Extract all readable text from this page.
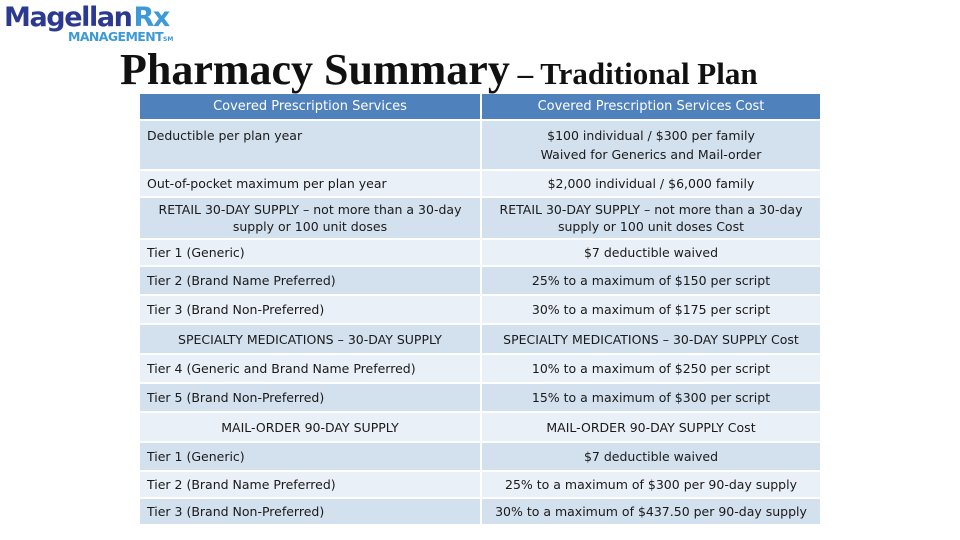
MagellanRx
MANAGEMENTSM
Pharmacy Summary – Traditional Plan
Covered Prescription Services	Covered Prescription Services Cost
Deductible per plan year	$100 individual / $300 per family
Waived for Generics and Mail-order

Out-of-pocket maximum per plan year	$2,000 individual / $6,000 family
RETAIL 30-DAY SUPPLY – not more than a 30-day supply or 100 unit doses	RETAIL 30-DAY SUPPLY – not more than a 30-day supply or 100 unit doses Cost
Tier 1 (Generic)	$7 deductible waived
Tier 2 (Brand Name Preferred)	25% to a maximum of $150 per script
Tier 3 (Brand Non-Preferred)	30% to a maximum of $175 per script
SPECIALTY MEDICATIONS – 30-DAY SUPPLY	SPECIALTY MEDICATIONS – 30-DAY SUPPLY Cost
Tier 4 (Generic and Brand Name Preferred)	10% to a maximum of $250 per script
Tier 5 (Brand Non-Preferred)	15% to a maximum of $300 per script
MAIL-ORDER 90-DAY SUPPLY	MAIL-ORDER 90-DAY SUPPLY Cost
Tier 1 (Generic)	$7 deductible waived
Tier 2 (Brand Name Preferred)	25% to a maximum of $300 per 90-day supply
Tier 3 (Brand Non-Preferred)	30% to a maximum of $437.50 per 90-day supply
